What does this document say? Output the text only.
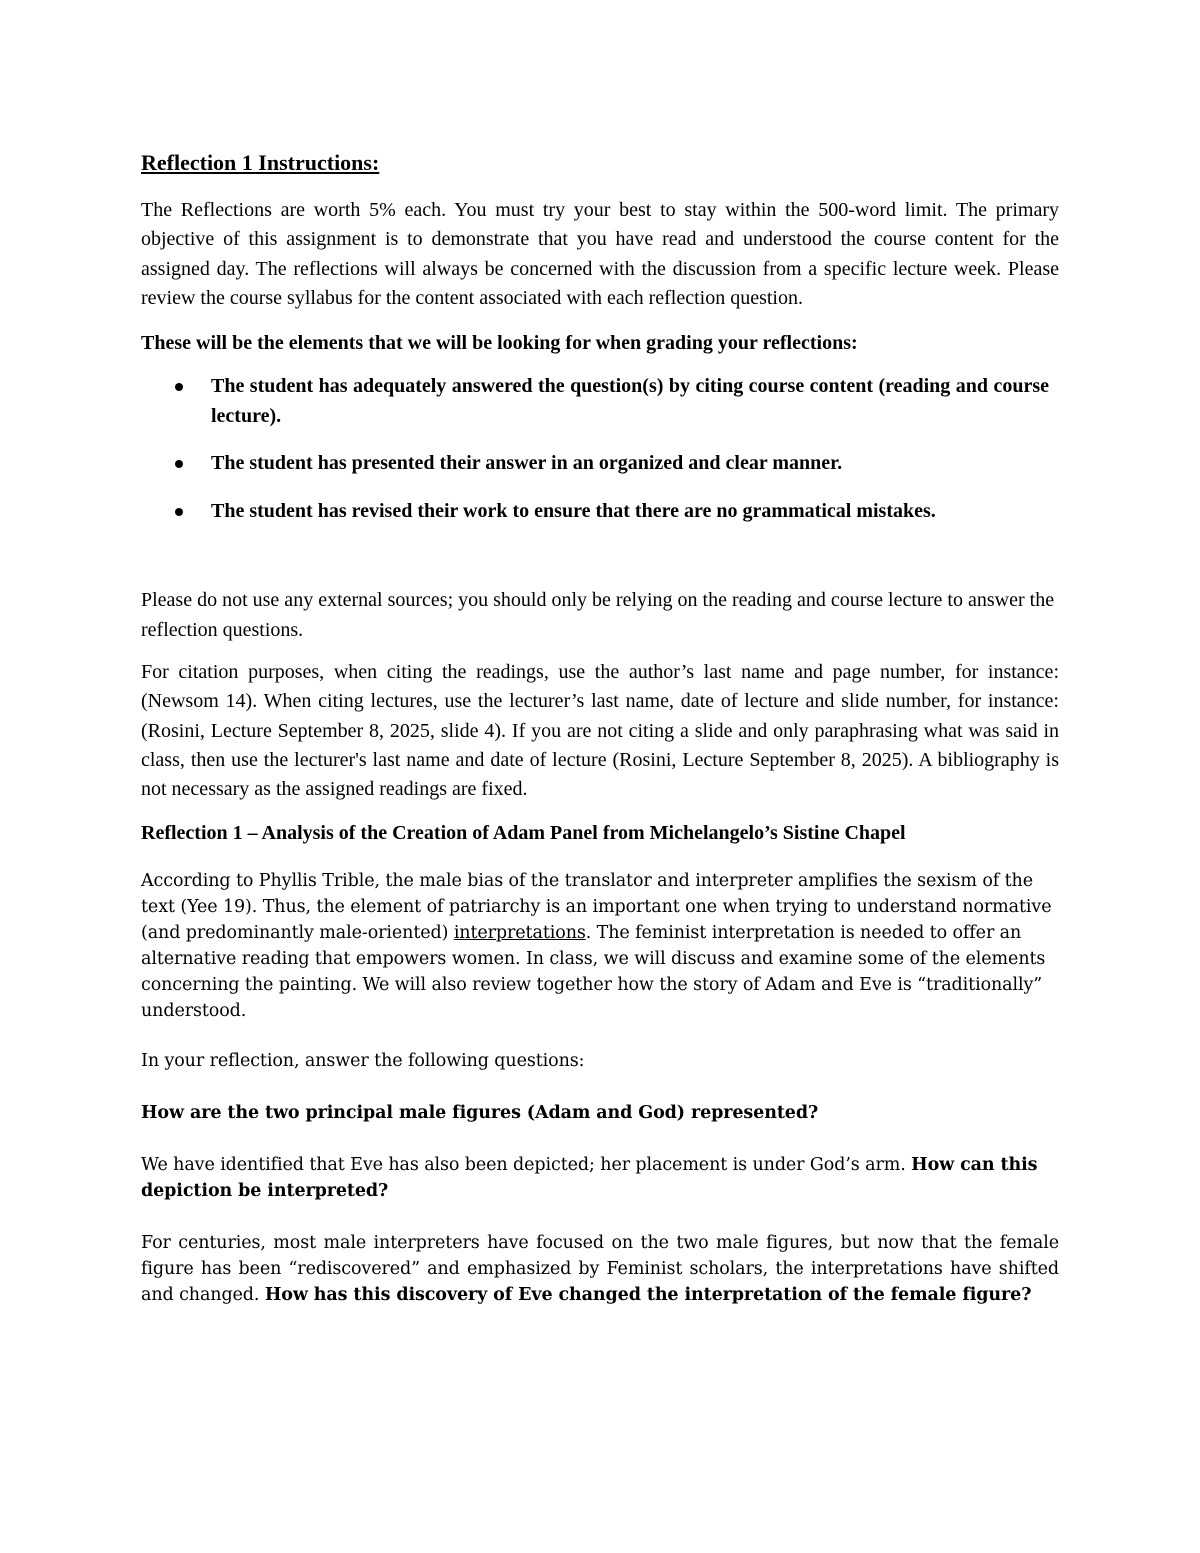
Reflection 1 Instructions:

The Reflections are worth 5% each. You must try your best to stay within the 500-word limit. The primary objective of this assignment is to demonstrate that you have read and understood the course content for the assigned day. The reflections will always be concerned with the discussion from a specific lecture week. Please review the course syllabus for the content associated with each reflection question.

These will be the elements that we will be looking for when grading your reflections:

The student has adequately answered the question(s) by citing course content (reading and course lecture).
The student has presented their answer in an organized and clear manner.
The student has revised their work to ensure that there are no grammatical mistakes.

Please do not use any external sources; you should only be relying on the reading and course lecture to answer the reflection questions.

For citation purposes, when citing the readings, use the author’s last name and page number, for instance: (Newsom 14). When citing lectures, use the lecturer’s last name, date of lecture and slide number, for instance: (Rosini, Lecture September 8, 2025, slide 4). If you are not citing a slide and only paraphrasing what was said in class, then use the lecturer's last name and date of lecture (Rosini, Lecture September 8, 2025). A bibliography is not necessary as the assigned readings are fixed.

Reflection 1 – Analysis of the Creation of Adam Panel from Michelangelo’s Sistine Chapel

According to Phyllis Trible, the male bias of the translator and interpreter amplifies the sexism of the text (Yee 19). Thus, the element of patriarchy is an important one when trying to understand normative (and predominantly male-oriented) interpretations. The feminist interpretation is needed to offer an alternative reading that empowers women. In class, we will discuss and examine some of the elements concerning the painting. We will also review together how the story of Adam and Eve is “traditionally” understood.

In your reflection, answer the following questions:

How are the two principal male figures (Adam and God) represented?

We have identified that Eve has also been depicted; her placement is under God’s arm. How can this depiction be interpreted?

For centuries, most male interpreters have focused on the two male figures, but now that the female figure has been “rediscovered” and emphasized by Feminist scholars, the interpretations have shifted and changed. How has this discovery of Eve changed the interpretation of the female figure?
